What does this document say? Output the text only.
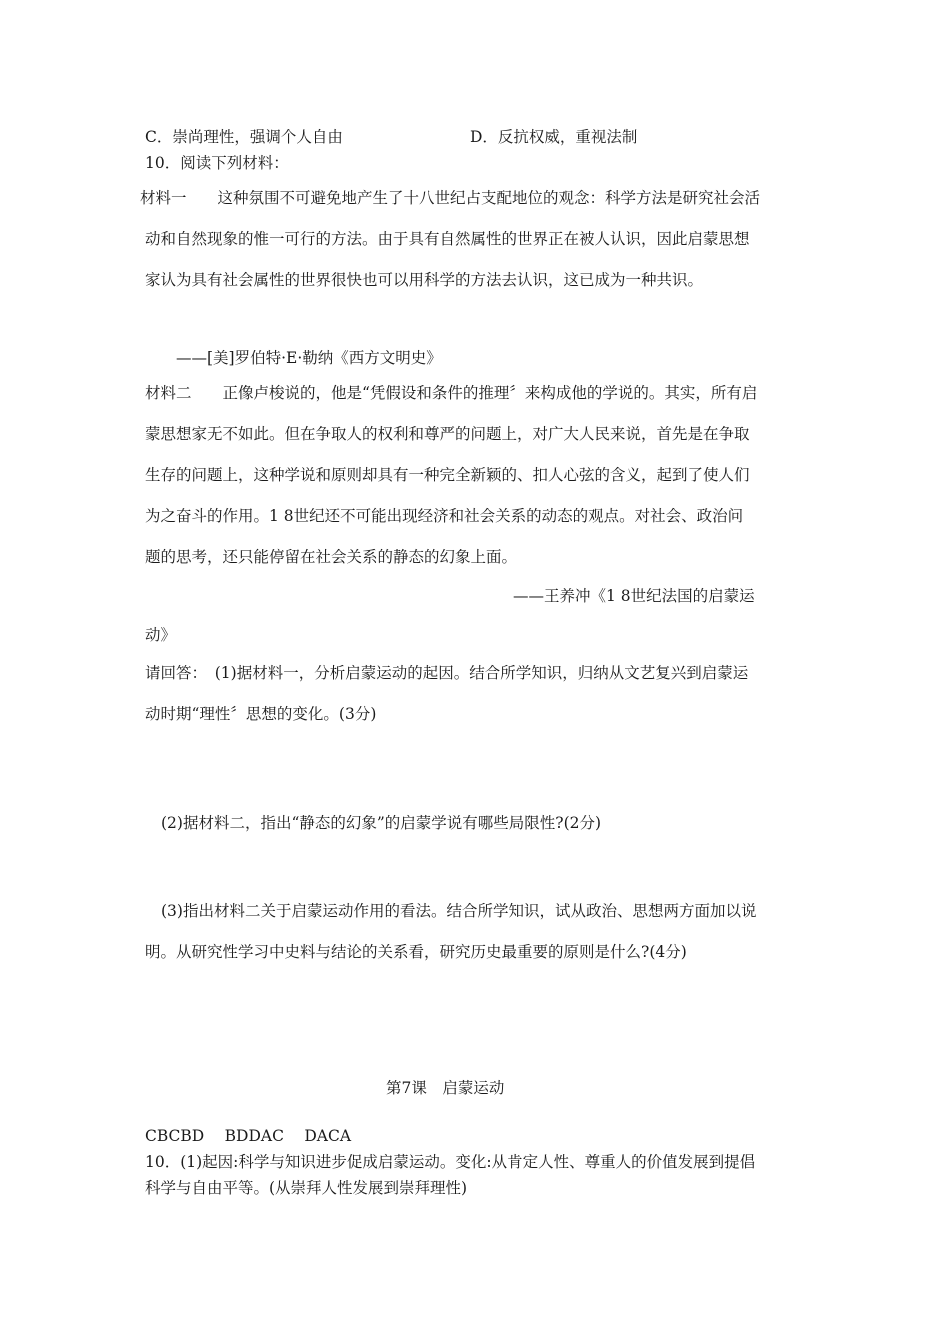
C．崇尚理性，强调个人自由	D．反抗权威，重视法制
10．阅读下列材料：
材料一　　这种氛围不可避免地产生了十八世纪占支配地位的观念：科学方法是研究社会活
动和自然现象的惟一可行的方法。由于具有自然属性的世界正在被人认识，因此启蒙思想
家认为具有社会属性的世界很快也可以用科学的方法去认识，这已成为一种共识。
——[美]罗伯特·E·勒纳《西方文明史》
材料二　　正像卢梭说的，他是“凭假设和条件的推理〞来构成他的学说的。其实，所有启
蒙思想家无不如此。但在争取人的权利和尊严的问题上，对广大人民来说，首先是在争取
生存的问题上，这种学说和原则却具有一种完全新颖的、扣人心弦的含义，起到了使人们
为之奋斗的作用。1 8世纪还不可能出现经济和社会关系的动态的观点。对社会、政治问
题的思考，还只能停留在社会关系的静态的幻象上面。
——王养冲《1 8世纪法国的启蒙运
动》
请回答：　(1)据材料一，分析启蒙运动的起因。结合所学知识，归纳从文艺复兴到启蒙运
动时期“理性〞思想的变化。(3分)
(2)据材料二，指出“静态的幻象”的启蒙学说有哪些局限性?(2分)
(3)指出材料二关于启蒙运动作用的看法。结合所学知识，试从政治、思想两方面加以说
明。从研究性学习中史料与结论的关系看，研究历史最重要的原则是什么?(4分)
第7课　启蒙运动
CBCBD　 BDDAC　 DACA
10．(1)起因:科学与知识进步促成启蒙运动。变化:从肯定人性、尊重人的价值发展到提倡
科学与自由平等。(从崇拜人性发展到崇拜理性)
